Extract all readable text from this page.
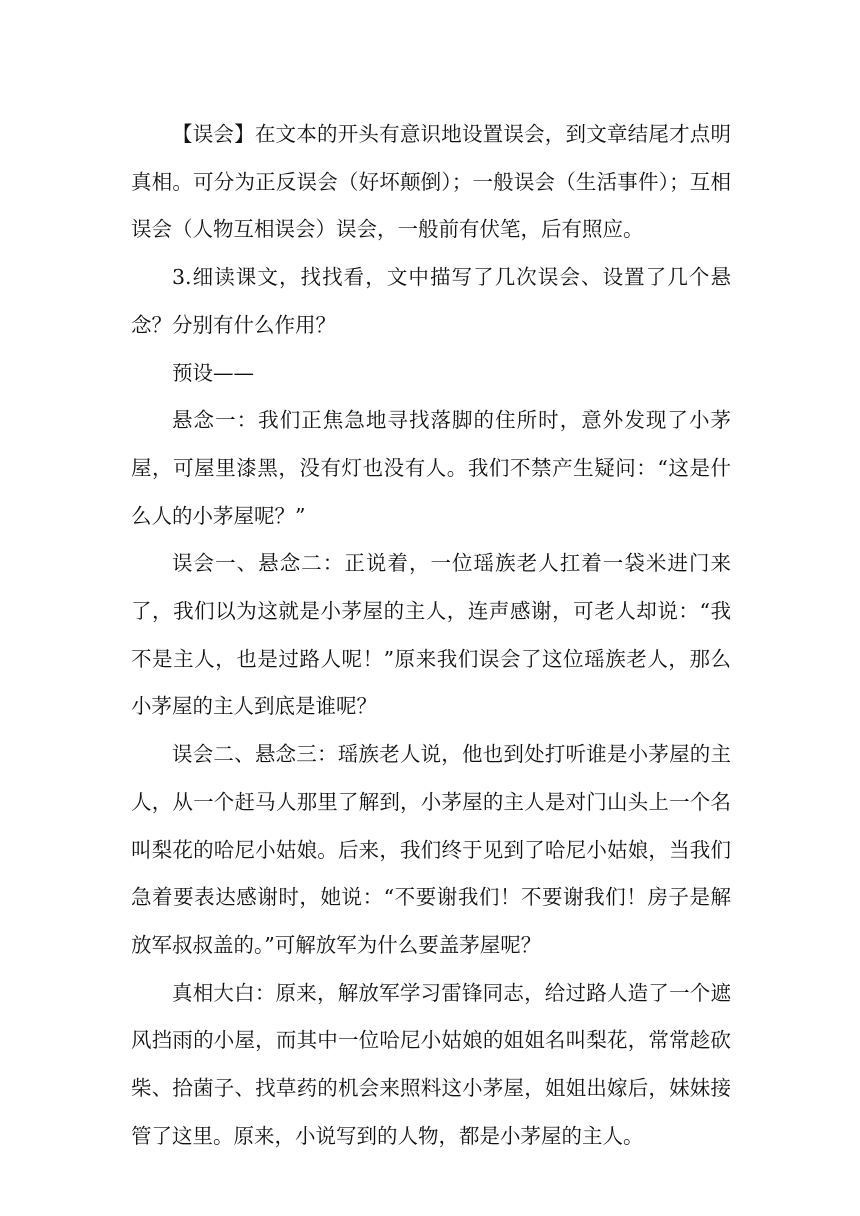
【误会】在文本的开头有意识地设置误会，到文章结尾才点明真相。可分为正反误会（好坏颠倒）；一般误会（生活事件）；互相误会（人物互相误会）误会，一般前有伏笔，后有照应。

3.细读课文，找找看，文中描写了几次误会、设置了几个悬念？分别有什么作用？

预设——

悬念一：我们正焦急地寻找落脚的住所时，意外发现了小茅屋，可屋里漆黑，没有灯也没有人。我们不禁产生疑问：“这是什么人的小茅屋呢？”

误会一、悬念二：正说着，一位瑶族老人扛着一袋米进门来了，我们以为这就是小茅屋的主人，连声感谢，可老人却说：“我不是主人，也是过路人呢！”原来我们误会了这位瑶族老人，那么小茅屋的主人到底是谁呢？

误会二、悬念三：瑶族老人说，他也到处打听谁是小茅屋的主人，从一个赶马人那里了解到，小茅屋的主人是对门山头上一个名叫梨花的哈尼小姑娘。后来，我们终于见到了哈尼小姑娘，当我们急着要表达感谢时，她说：“不要谢我们！不要谢我们！房子是解放军叔叔盖的。”可解放军为什么要盖茅屋呢？

真相大白：原来，解放军学习雷锋同志，给过路人造了一个遮风挡雨的小屋，而其中一位哈尼小姑娘的姐姐名叫梨花，常常趁砍柴、拾菌子、找草药的机会来照料这小茅屋，姐姐出嫁后，妹妹接管了这里。原来，小说写到的人物，都是小茅屋的主人。
